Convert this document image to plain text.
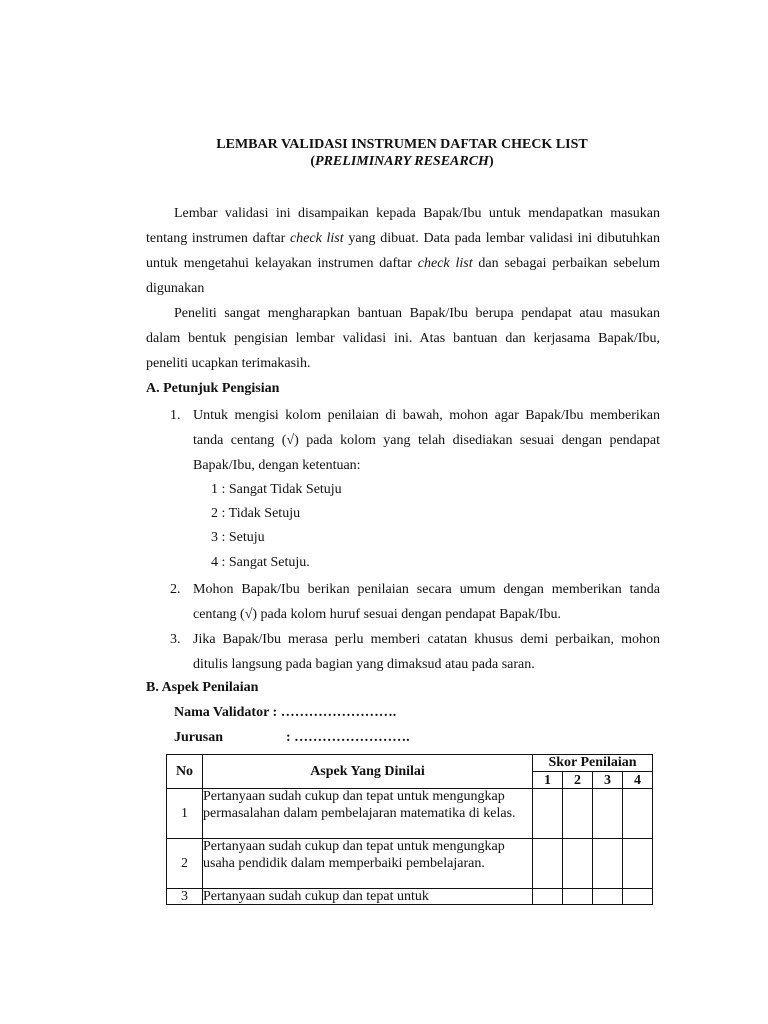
LEMBAR VALIDASI INSTRUMEN DAFTAR CHECK LIST
(PRELIMINARY RESEARCH)
Lembar validasi ini disampaikan kepada Bapak/Ibu untuk mendapatkan masukan tentang instrumen daftar check list yang dibuat. Data pada lembar validasi ini dibutuhkan untuk mengetahui kelayakan instrumen daftar check list dan sebagai perbaikan sebelum digunakan
Peneliti sangat mengharapkan bantuan Bapak/Ibu berupa pendapat atau masukan dalam bentuk pengisian lembar validasi ini. Atas bantuan dan kerjasama Bapak/Ibu, peneliti ucapkan terimakasih.
A. Petunjuk Pengisian
1. Untuk mengisi kolom penilaian di bawah, mohon agar Bapak/Ibu memberikan tanda centang (√) pada kolom yang telah disediakan sesuai dengan pendapat Bapak/Ibu, dengan ketentuan:
1 : Sangat Tidak Setuju
2 : Tidak Setuju
3 : Setuju
4 : Sangat Setuju.
2. Mohon Bapak/Ibu berikan penilaian secara umum dengan memberikan tanda centang (√) pada kolom huruf sesuai dengan pendapat Bapak/Ibu.
3. Jika Bapak/Ibu merasa perlu memberi catatan khusus demi perbaikan, mohon ditulis langsung pada bagian yang dimaksud atau pada saran.
B. Aspek Penilaian
Nama Validator : …………………….
Jurusan	: …………………….
No	Aspek Yang Dinilai	Skor Penilaian			
		1	2	3	4
1	Pertanyaan sudah cukup dan tepat untuk mengungkap permasalahan dalam pembelajaran matematika di kelas.				
2	Pertanyaan sudah cukup dan tepat untuk mengungkap usaha pendidik dalam memperbaiki pembelajaran.				
3	Pertanyaan sudah cukup dan tepat untuk				
